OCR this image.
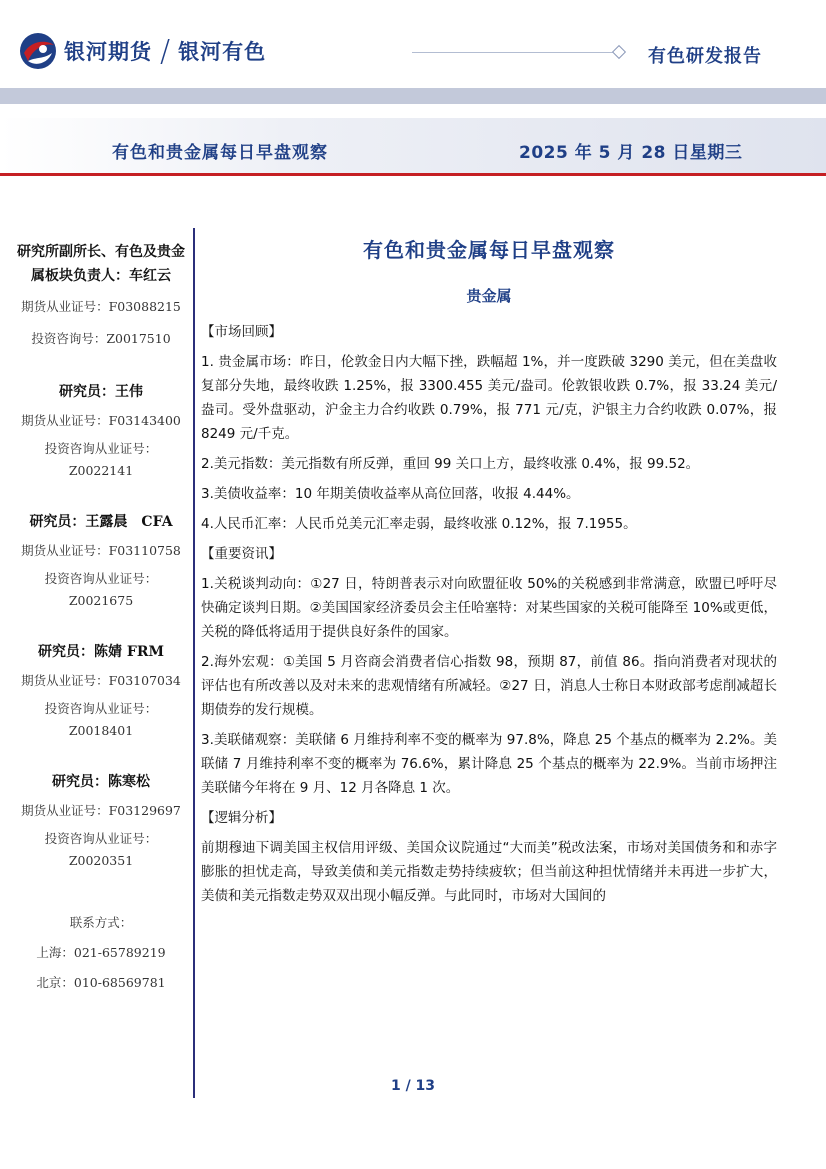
银河期货 / 银河有色	有色研发报告
有色和贵金属每日早盘观察	2025 年 5 月 28 日星期三
研究所副所长、有色及贵金属板块负责人：车红云
期货从业证号：F03088215
投资咨询号：Z0017510
研究员：王伟
期货从业证号：F03143400
投资咨询从业证号：
Z0022141
研究员：王露晨　CFA
期货从业证号：F03110758
投资咨询从业证号：
Z0021675
研究员：陈婧 FRM
期货从业证号：F03107034
投资咨询从业证号：
Z0018401
研究员：陈寒松
期货从业证号：F03129697
投资咨询从业证号：
Z0020351
联系方式：
上海：021-65789219
北京：010-68569781
有色和贵金属每日早盘观察
贵金属
【市场回顾】

1. 贵金属市场：昨日，伦敦金日内大幅下挫，跌幅超 1%，并一度跌破 3290 美元，但在美盘收复部分失地，最终收跌 1.25%，报 3300.455 美元/盎司。伦敦银收跌 0.7%，报 33.24 美元/盎司。受外盘驱动，沪金主力合约收跌 0.79%，报 771 元/克，沪银主力合约收跌 0.07%，报 8249 元/千克。

2.美元指数：美元指数有所反弹，重回 99 关口上方，最终收涨 0.4%，报 99.52。

3.美债收益率：10 年期美债收益率从高位回落，收报 4.44%。

4.人民币汇率：人民币兑美元汇率走弱，最终收涨 0.12%，报 7.1955。

【重要资讯】

1.关税谈判动向：①27 日，特朗普表示对向欧盟征收 50%的关税感到非常满意，欧盟已呼吁尽快确定谈判日期。②美国国家经济委员会主任哈塞特：对某些国家的关税可能降至 10%或更低，关税的降低将适用于提供良好条件的国家。

2.海外宏观：①美国 5 月咨商会消费者信心指数 98，预期 87，前值 86。指向消费者对现状的评估也有所改善以及对未来的悲观情绪有所减轻。②27 日，消息人士称日本财政部考虑削减超长期债券的发行规模。

3.美联储观察：美联储 6 月维持利率不变的概率为 97.8%，降息 25 个基点的概率为 2.2%。美联储 7 月维持利率不变的概率为 76.6%，累计降息 25 个基点的概率为 22.9%。当前市场押注美联储今年将在 9 月、12 月各降息 1 次。

【逻辑分析】

前期穆迪下调美国主权信用评级、美国众议院通过“大而美”税改法案，市场对美国债务和和赤字膨胀的担忧走高，导致美债和美元指数走势持续疲软；但当前这种担忧情绪并未再进一步扩大，美债和美元指数走势双双出现小幅反弹。与此同时，市场对大国间的

1 / 13
